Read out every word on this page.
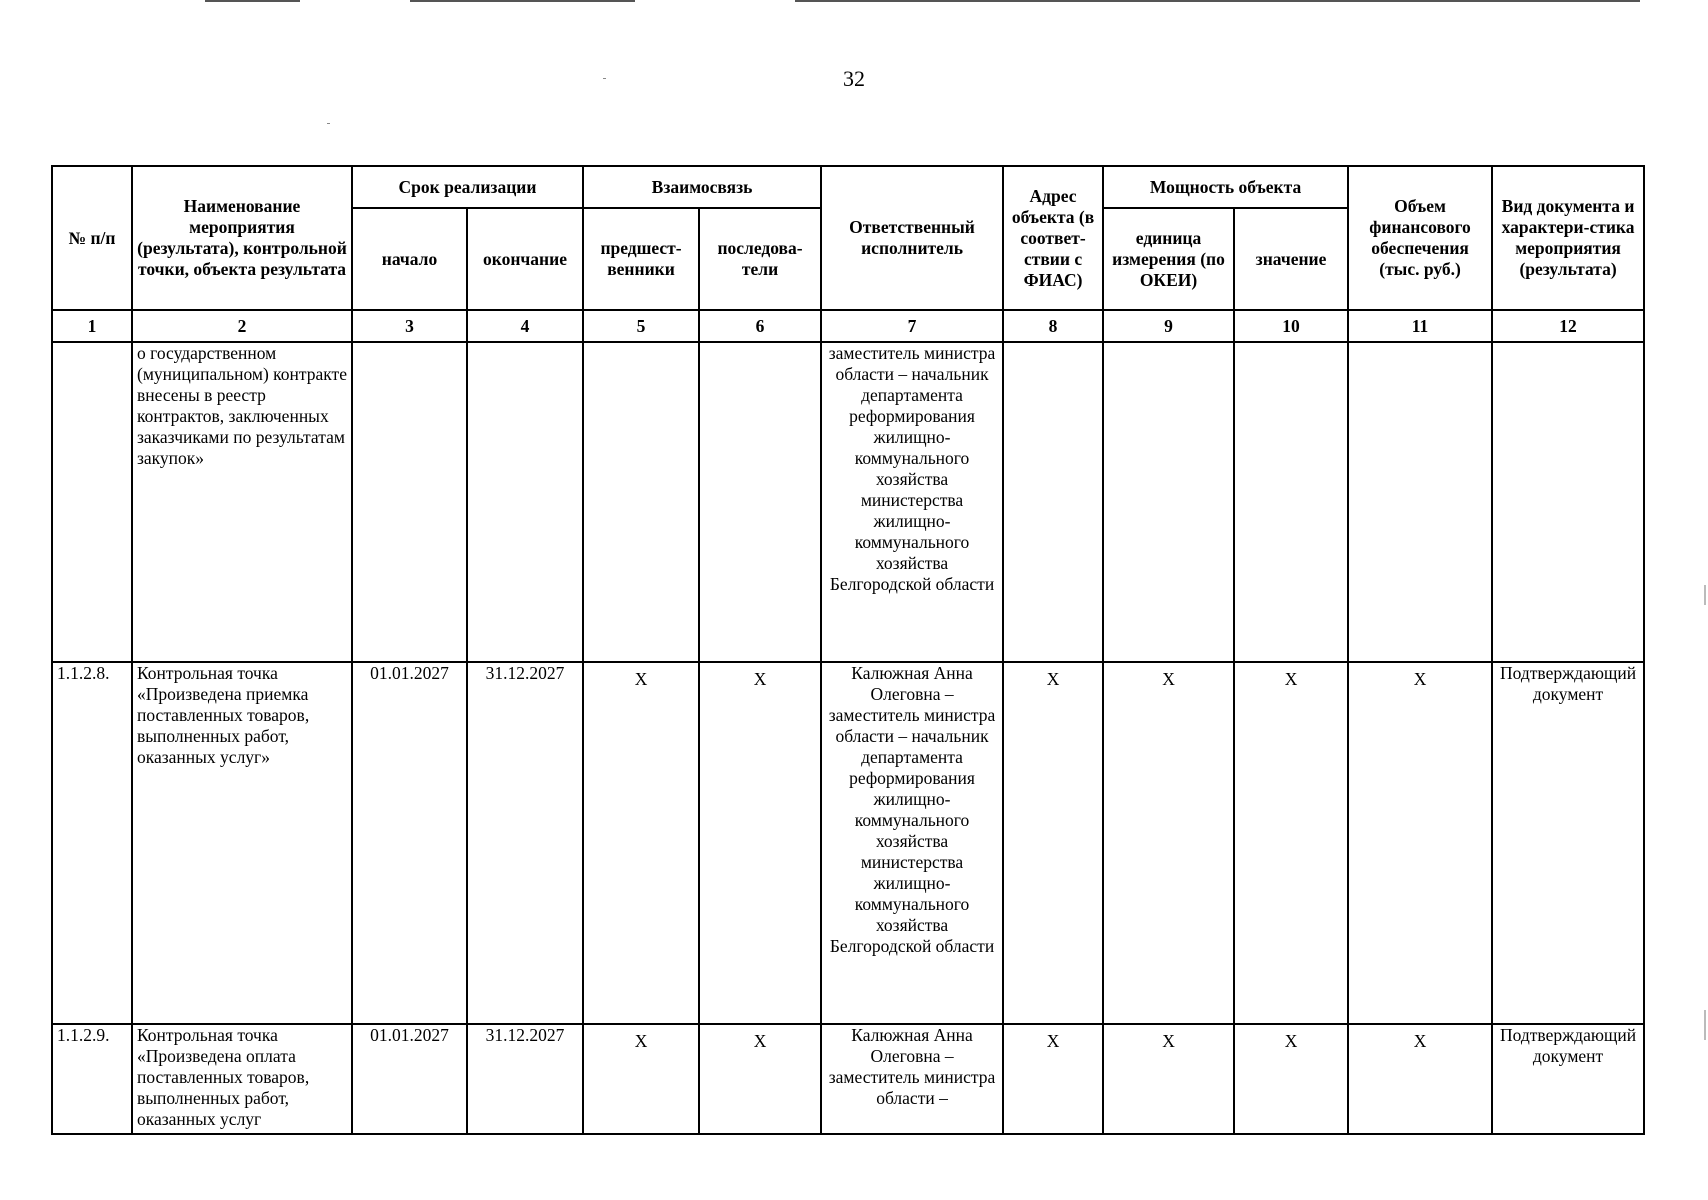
32
№ п/п	Наименование мероприятия (результата), контрольной точки, объекта результата	Срок реализации		Взаимосвязь		Ответственный исполнитель	Адрес объекта (в соответ-ствии с ФИАС)	Мощность объекта		Объем финансового обеспечения (тыс. руб.)	Вид документа и характери-стика мероприятия (результата)
		начало	окончание	предшест-венники	последова-тели			единица измерения (по ОКЕИ)	значение		
1	2	3	4	5	6	7	8	9	10	11	12
	о государственном (муниципальном) контракте внесены в реестр контрактов, заключенных заказчиками по результатам закупок»					заместитель министра области – начальник департамента реформирования жилищно-коммунального хозяйства министерства жилищно-коммунального хозяйства Белгородской области					
1.1.2.8.	Контрольная точка «Произведена приемка поставленных товаров, выполненных работ, оказанных услуг»	01.01.2027	31.12.2027	X	X	Калюжная Анна Олеговна – заместитель министра области – начальник департамента реформирования жилищно-коммунального хозяйства министерства жилищно-коммунального хозяйства Белгородской области	X	X	X	X	Подтверждающий документ
1.1.2.9.	Контрольная точка «Произведена оплата поставленных товаров, выполненных работ, оказанных услуг	01.01.2027	31.12.2027	X	X	Калюжная Анна Олеговна – заместитель министра области –	X	X	X	X	Подтверждающий документ
